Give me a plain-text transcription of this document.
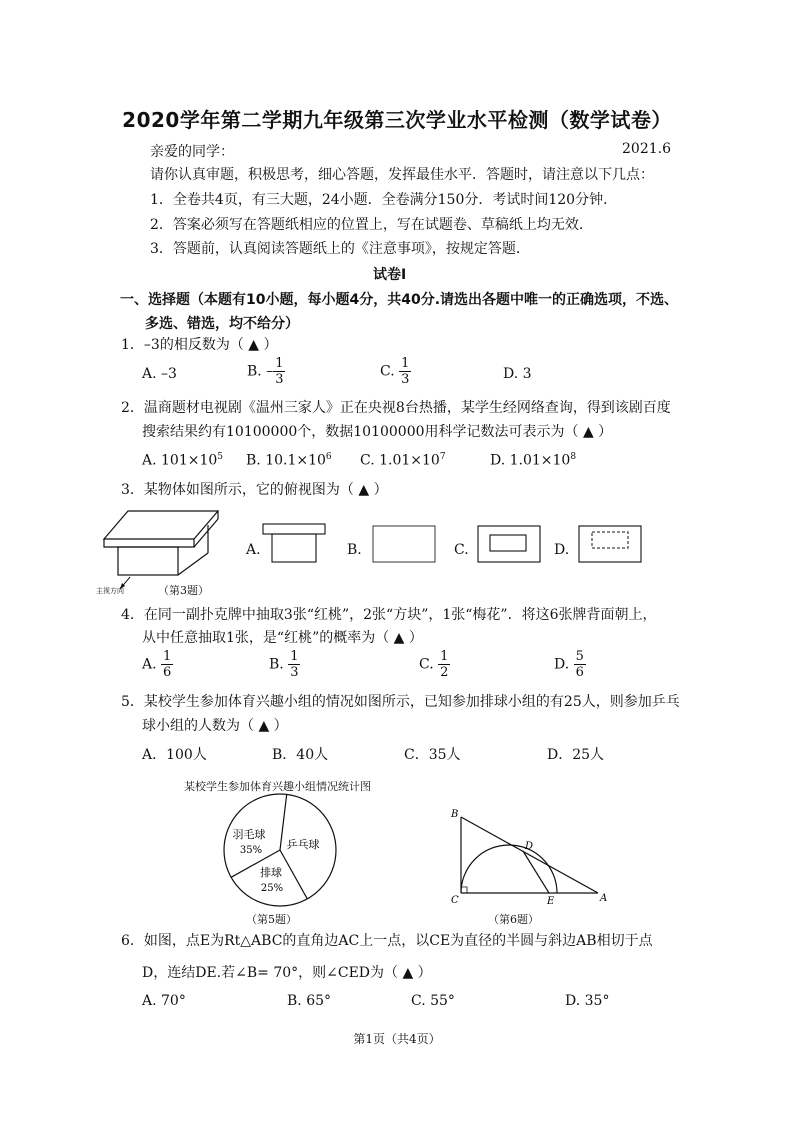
2020学年第二学期九年级第三次学业水平检测（数学试卷）
亲爱的同学：	2021.6
请你认真审题，积极思考，细心答题，发挥最佳水平．答题时，请注意以下几点：
1．全卷共4页，有三大题，24小题．全卷满分150分．考试时间120分钟．
2．答案必须写在答题纸相应的位置上，写在试题卷、草稿纸上均无效．
3．答题前，认真阅读答题纸上的《注意事项》，按规定答题．
试卷Ⅰ
一、选择题（本题有10小题，每小题4分，共40分.请选出各题中唯一的正确选项，不选、
多选、错选，均不给分）
1．–3的相反数为（ ▲ ）
A. –3	B. – $\frac{1}{3}$	C. $\frac{1}{3}$	D. 3
2．温商题材电视剧《温州三家人》正在央视8台热播，某学生经网络查询，得到该剧百度
搜索结果约有10100000个，数据10100000用科学记数法可表示为（ ▲ ）
A. $101\times 10^5$ B. $10.1\times 10^6$ C. $1.01\times 10^7$	D. $1.01\times 10^8$
3．某物体如图所示，它的俯视图为（ ▲ ）
主视方向	（第3题）
A.	B.	C.	D.
4．在同一副扑克牌中抽取3张“红桃”，2张“方块”，1张“梅花”．将这6张牌背面朝上，
从中任意抽取1张，是“红桃”的概率为（ ▲ ）
A. $\frac{1}{6}$	B. $\frac{1}{3}$	C. $\frac{1}{2}$	D. $\frac{5}{6}$
5．某校学生参加体育兴趣小组的情况如图所示，已知参加排球小组的有25人，则参加乒乓
球小组的人数为（ ▲ ）
A．100人	B．40人	C．35人	D．25人
某校学生参加体育兴趣小组情况统计图
羽毛球
35% 乒乓球
排球
25%
（第5题）
B
C
D
E	A
（第6题）
6．如图，点E为Rt△ABC的直角边AC上一点，以CE为直径的半圆与斜边AB相切于点
D，连结DE.若∠B= 70°，则∠CED为（ ▲ ）
A. 70°	B. 65°	C. 55°	D. 35°
第1页（共4页）
